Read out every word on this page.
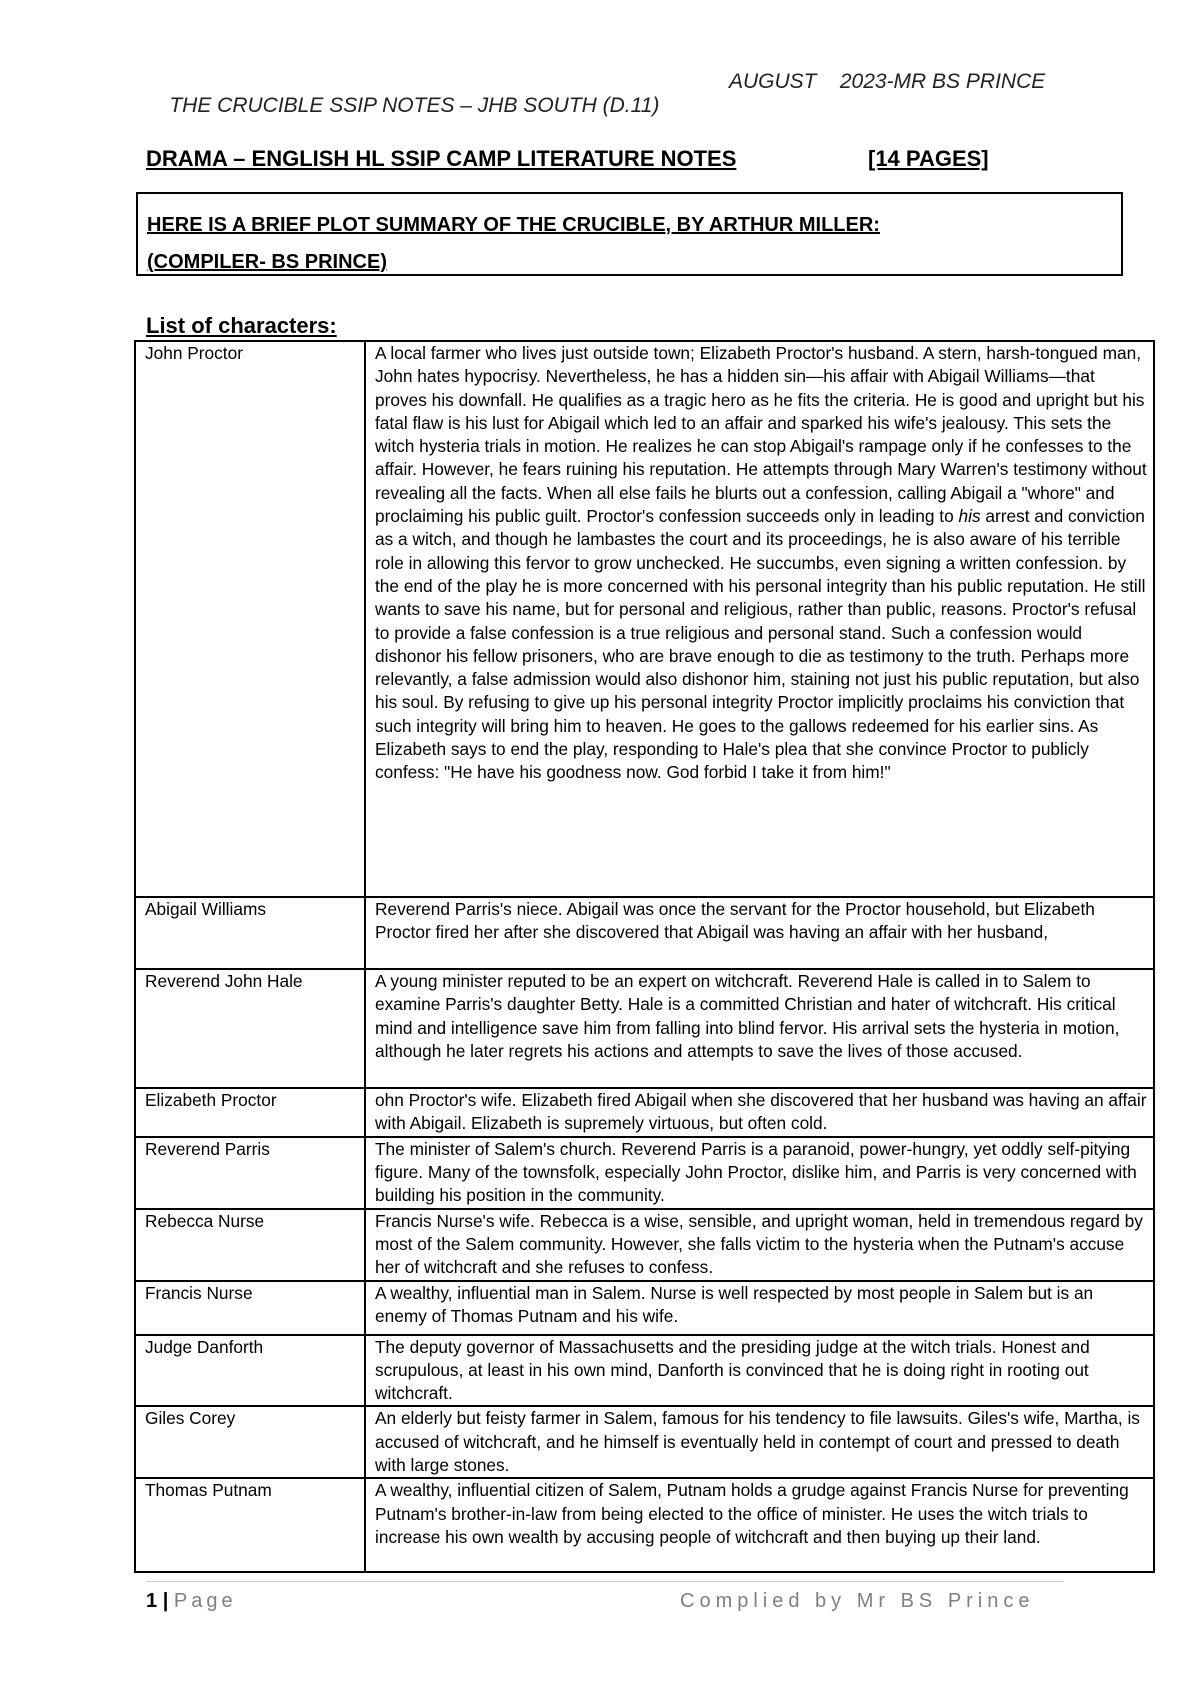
THE CRUCIBLE SSIP NOTES – JHB SOUTH (D.11)

AUGUST    2023-MR BS PRINCE

DRAMA – ENGLISH HL SSIP CAMP LITERATURE NOTES	[14 PAGES]
HERE IS A BRIEF PLOT SUMMARY OF THE CRUCIBLE, BY ARTHUR MILLER:
(COMPILER- BS PRINCE)
List of characters:
John Proctor	A local farmer who lives just outside town; Elizabeth Proctor's husband. A stern, harsh-tongued man, John hates hypocrisy. Nevertheless, he has a hidden sin—his affair with Abigail Williams—that proves his downfall. He qualifies as a tragic hero as he fits the criteria. He is good and upright but his fatal flaw is his lust for Abigail which led to an affair and sparked his wife's jealousy. This sets the witch hysteria trials in motion. He realizes he can stop Abigail's rampage only if he confesses to the affair. However, he fears ruining his reputation. He attempts through Mary Warren's testimony without revealing all the facts. When all else fails he blurts out a confession, calling Abigail a "whore" and proclaiming his public guilt. Proctor's confession succeeds only in leading to his arrest and conviction as a witch, and though he lambastes the court and its proceedings, he is also aware of his terrible role in allowing this fervor to grow unchecked. He succumbs, even signing a written confession. by the end of the play he is more concerned with his personal integrity than his public reputation. He still wants to save his name, but for personal and religious, rather than public, reasons. Proctor's refusal to provide a false confession is a true religious and personal stand. Such a confession would dishonor his fellow prisoners, who are brave enough to die as testimony to the truth. Perhaps more relevantly, a false admission would also dishonor him, staining not just his public reputation, but also his soul. By refusing to give up his personal integrity Proctor implicitly proclaims his conviction that such integrity will bring him to heaven. He goes to the gallows redeemed for his earlier sins. As Elizabeth says to end the play, responding to Hale's plea that she convince Proctor to publicly confess: "He have his goodness now. God forbid I take it from him!"
Abigail Williams	Reverend Parris's niece. Abigail was once the servant for the Proctor household, but Elizabeth Proctor fired her after she discovered that Abigail was having an affair with her husband,
Reverend John Hale	A young minister reputed to be an expert on witchcraft. Reverend Hale is called in to Salem to examine Parris's daughter Betty. Hale is a committed Christian and hater of witchcraft. His critical mind and intelligence save him from falling into blind fervor. His arrival sets the hysteria in motion, although he later regrets his actions and attempts to save the lives of those accused.
Elizabeth Proctor	ohn Proctor's wife. Elizabeth fired Abigail when she discovered that her husband was having an affair with Abigail. Elizabeth is supremely virtuous, but often cold.
Reverend Parris	The minister of Salem's church. Reverend Parris is a paranoid, power-hungry, yet oddly self-pitying figure. Many of the townsfolk, especially John Proctor, dislike him, and Parris is very concerned with building his position in the community.
Rebecca Nurse	Francis Nurse's wife. Rebecca is a wise, sensible, and upright woman, held in tremendous regard by most of the Salem community. However, she falls victim to the hysteria when the Putnam's accuse her of witchcraft and she refuses to confess.
Francis Nurse	A wealthy, influential man in Salem. Nurse is well respected by most people in Salem but is an enemy of Thomas Putnam and his wife.
Judge Danforth	The deputy governor of Massachusetts and the presiding judge at the witch trials. Honest and scrupulous, at least in his own mind, Danforth is convinced that he is doing right in rooting out witchcraft.
Giles Corey	An elderly but feisty farmer in Salem, famous for his tendency to file lawsuits. Giles's wife, Martha, is accused of witchcraft, and he himself is eventually held in contempt of court and pressed to death with large stones.
Thomas Putnam	A wealthy, influential citizen of Salem, Putnam holds a grudge against Francis Nurse for preventing Putnam's brother-in-law from being elected to the office of minister. He uses the witch trials to increase his own wealth by accusing people of witchcraft and then buying up their land.
1 | Page	Complied by Mr BS Prince
